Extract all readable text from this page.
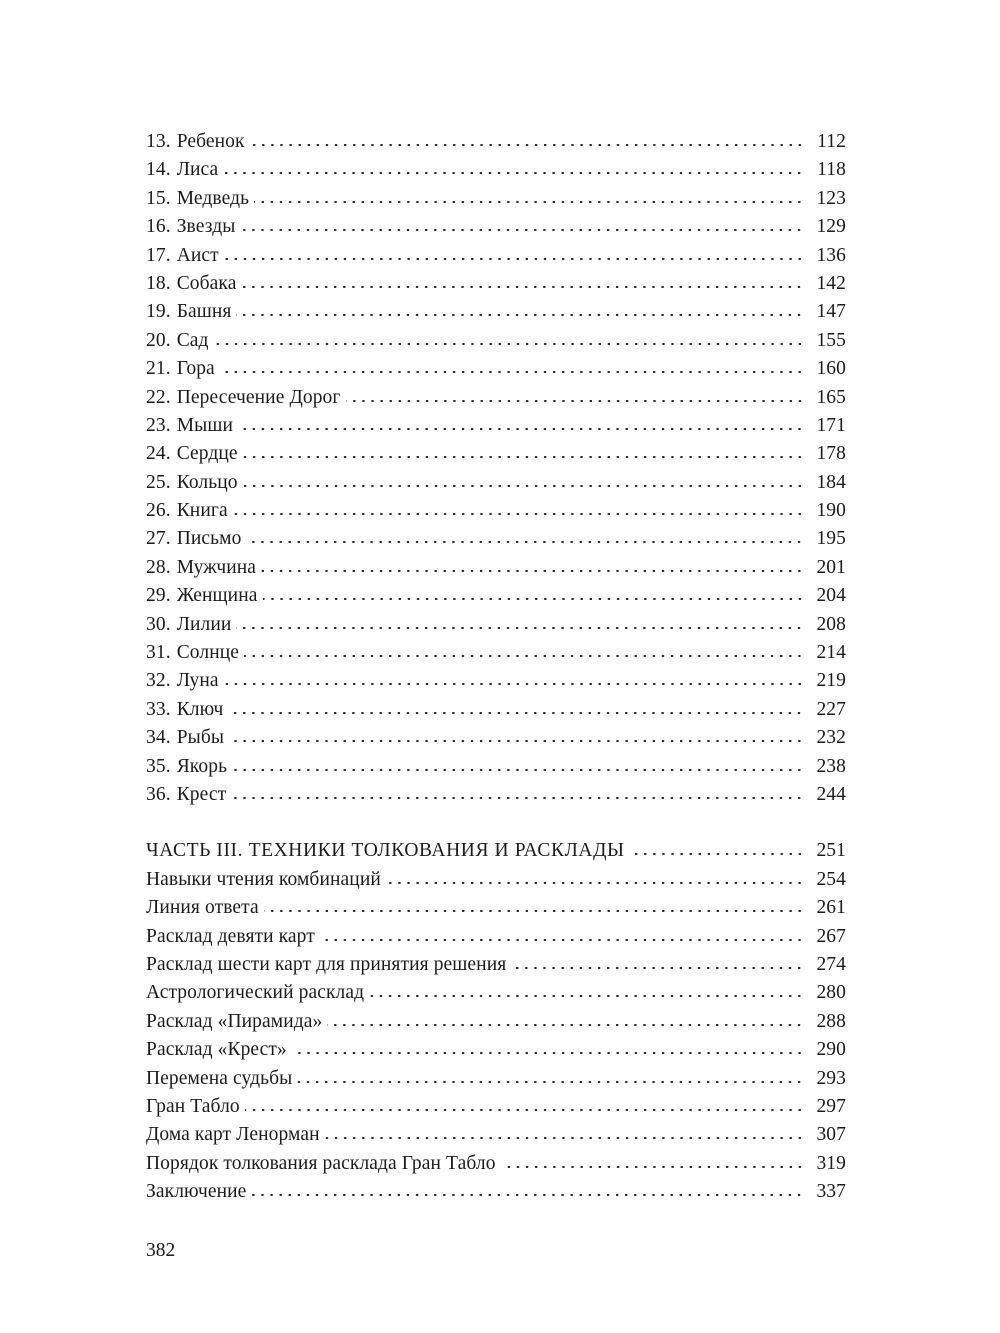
13. Ребенок	112
14. Лиса	118
15. Медведь	123
16. Звезды	129
17. Аист	136
18. Собака	142
19. Башня	147
20. Сад	155
21. Гора	160
22. Пересечение Дорог	165
23. Мыши	171
24. Сердце	178
25. Кольцо	184
26. Книга	190
27. Письмо	195
28. Мужчина	201
29. Женщина	204
30. Лилии	208
31. Солнце	214
32. Луна	219
33. Ключ	227
34. Рыбы	232
35. Якорь	238
36. Крест	244
ЧАСТЬ III. ТЕХНИКИ ТОЛКОВАНИЯ И РАСКЛАДЫ	251
Навыки чтения комбинаций	254
Линия ответа	261
Расклад девяти карт	267
Расклад шести карт для принятия решения	274
Астрологический расклад	280
Расклад «Пирамида»	288
Расклад «Крест»	290
Перемена судьбы	293
Гран Табло	297
Дома карт Ленорман	307
Порядок толкования расклада Гран Табло	319
Заключение	337
382
